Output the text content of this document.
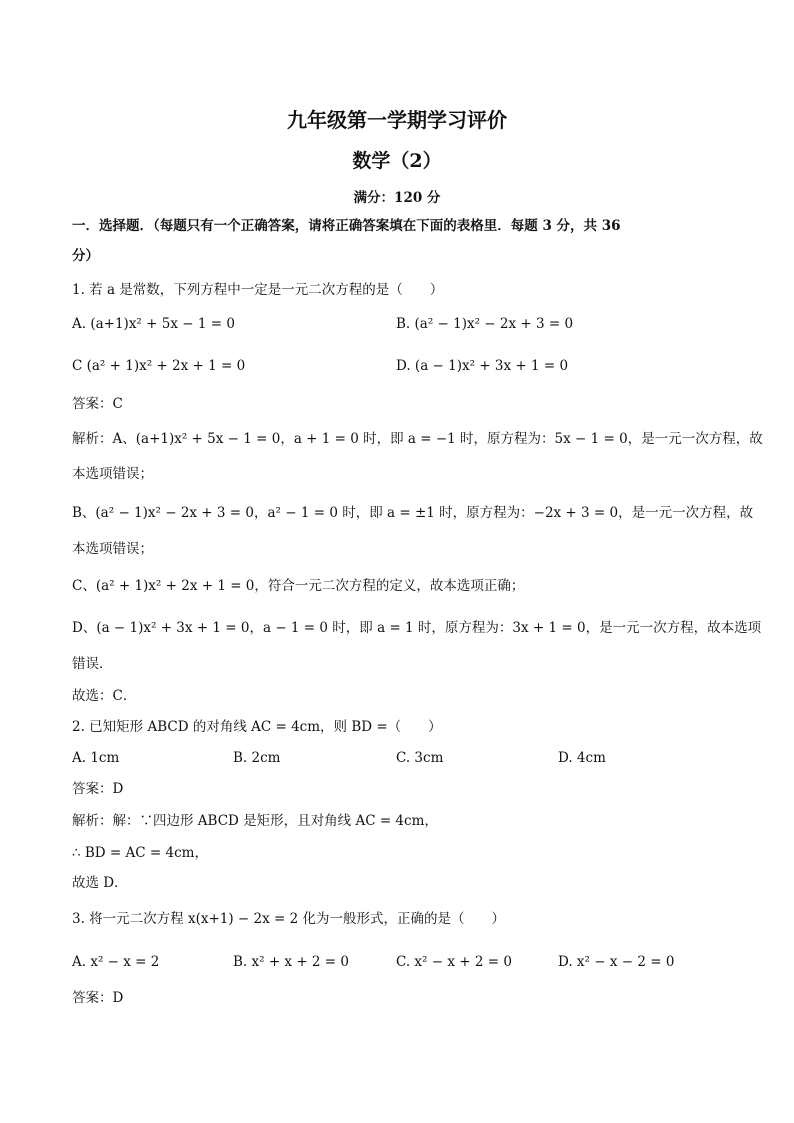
九年级第一学期学习评价
数学（2）
满分：120 分
一．选择题．（每题只有一个正确答案，请将正确答案填在下面的表格里．每题 3 分，共 36
分）
1. 若 a 是常数，下列方程中一定是一元二次方程的是（　　）
A. (a+1)x² + 5x − 1 = 0	B. (a² − 1)x² − 2x + 3 = 0
C (a² + 1)x² + 2x + 1 = 0	D. (a − 1)x² + 3x + 1 = 0
答案：C
解析：A、(a+1)x² + 5x − 1 = 0，a + 1 = 0 时，即 a = −1 时，原方程为：5x − 1 = 0，是一元一次方程，故
本选项错误；
B、(a² − 1)x² − 2x + 3 = 0，a² − 1 = 0 时，即 a = ±1 时，原方程为：−2x + 3 = 0，是一元一次方程，故
本选项错误；
C、(a² + 1)x² + 2x + 1 = 0，符合一元二次方程的定义，故本选项正确；
D、(a − 1)x² + 3x + 1 = 0，a − 1 = 0 时，即 a = 1 时，原方程为：3x + 1 = 0，是一元一次方程，故本选项
错误．
故选：C．
2. 已知矩形 ABCD 的对角线 AC = 4cm，则 BD =（　　）
A. 1cm	B. 2cm	C. 3cm	D. 4cm
答案：D
解析：解：∵四边形 ABCD 是矩形，且对角线 AC = 4cm，
∴ BD = AC = 4cm，
故选 D．
3. 将一元二次方程 x(x+1) − 2x = 2 化为一般形式，正确的是（　　）
A. x² − x = 2	B. x² + x + 2 = 0	C. x² − x + 2 = 0	D. x² − x − 2 = 0
答案：D
